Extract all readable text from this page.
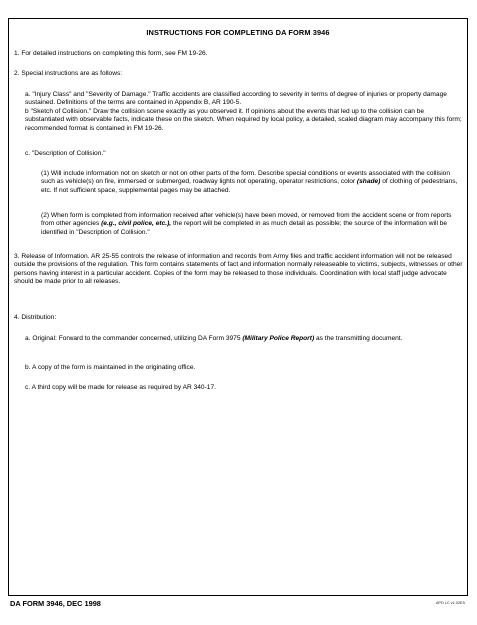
INSTRUCTIONS FOR COMPLETING DA FORM 3946

1. For detailed instructions on completing this form, see FM 19-26.

2. Special instructions are as follows:

a. "Injury Class" and "Severity of Damage." Traffic accidents are classified according to severity in terms of degree of injuries or property damage sustained. Definitions of the terms are contained in Appendix B, AR 190-5.

b "Sketch of Collision." Draw the collision scene exactly as you observed it. If opinions about the events that led up to the collision can be substantiated with observable facts, indicate these on the sketch. When required by local policy, a detailed, scaled diagram may accompany this form; recommended format is contained in FM 19-26.

c. "Description of Collision."

(1) Will include information not on sketch or not on other parts of the form. Describe special conditions or events associated with the collision such as vehicle(s) on fire, immersed or submerged, roadway lights not operating, operator restrictions, color (shade) of clothing of pedestrians, etc. If not sufficient space, supplemental pages may be attached.

(2) When form is completed from information received after vehicle(s) have been moved, or removed from the accident scene or from reports from other agencies (e.g., civil police, etc.), the report will be completed in as much detail as possible; the source of the information will be identified in "Description of Collision."

3. Release of Information. AR 25-55 controls the release of information and records from Army files and traffic accident information will not be released outside the provisions of the regulation. This form contains statements of fact and information normally releaseable to victims, subjects, witnesses or other persons having interest in a particular accident. Copies of the form may be released to those individuals. Coordination with local staff judge advocate should be made prior to all releases.

4. Distribution:

a. Original: Forward to the commander concerned, utilizing DA Form 3975 (Military Police Report) as the transmitting document.

b. A copy of the form is maintained in the originating office.

c. A third copy will be made for release as required by AR 340-17.

DA FORM 3946, DEC 1998	APD LC v1.02ES
